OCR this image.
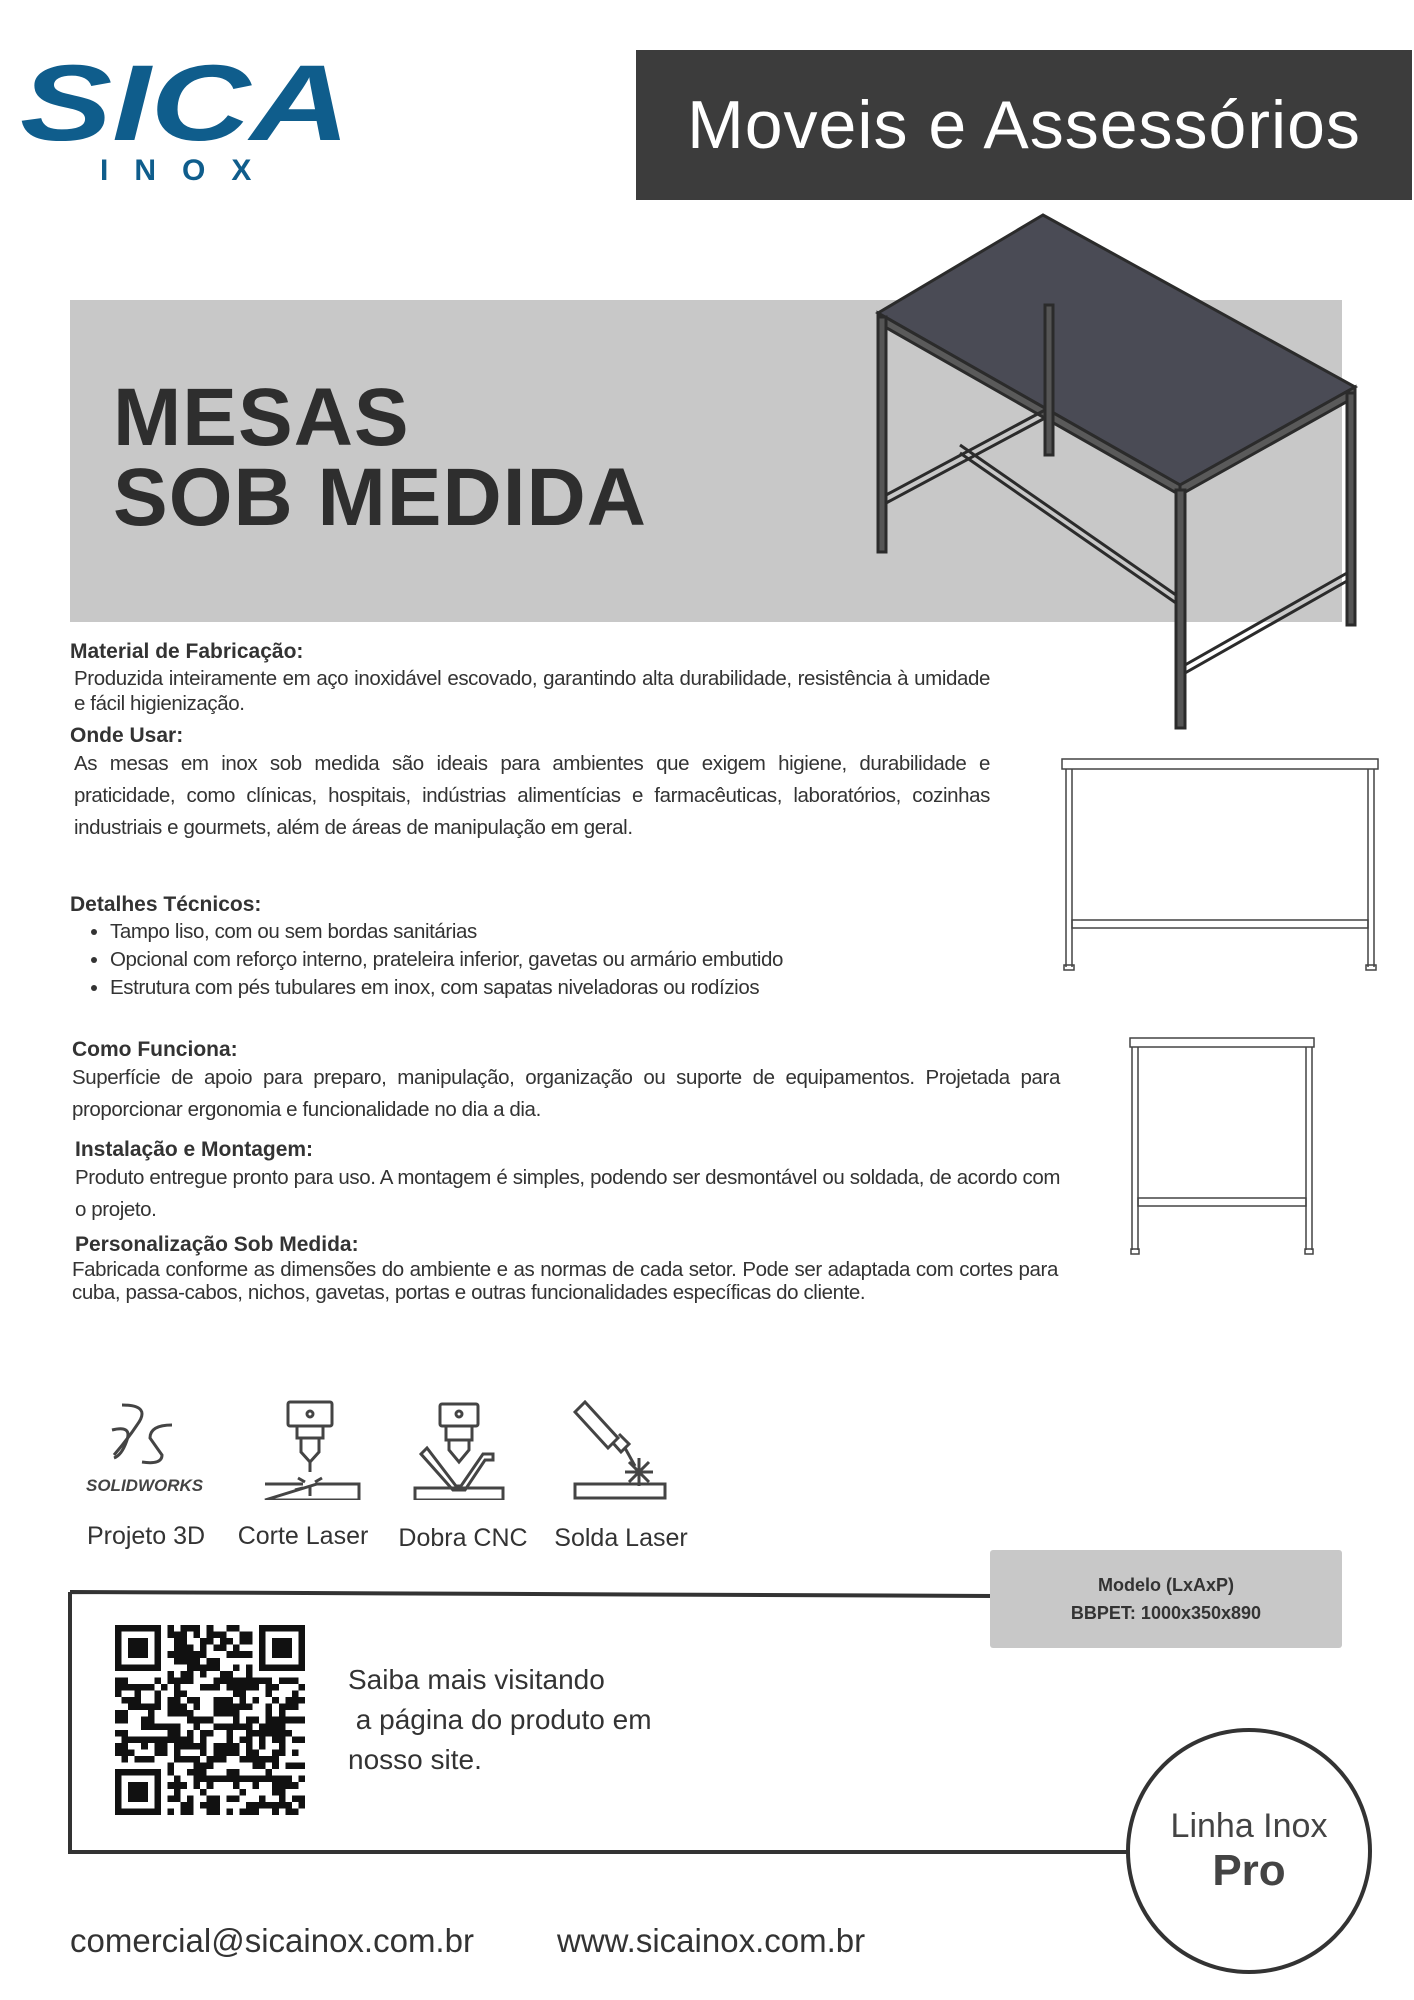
SICA
INOX
Moveis e Assessórios
MESAS
SOB MEDIDA
Material de Fabricação:
Produzida inteiramente em aço inoxidável escovado, garantindo alta durabilidade, resistência à umidade e fácil higienização.
Onde Usar:
As mesas em inox sob medida são ideais para ambientes que exigem higiene, durabilidade e praticidade, como clínicas, hospitais, indústrias alimentícias e farmacêuticas, laboratórios, cozinhas industriais e gourmets, além de áreas de manipulação em geral.
Detalhes Técnicos:
• Tampo liso, com ou sem bordas sanitárias
• Opcional com reforço interno, prateleira inferior, gavetas ou armário embutido
• Estrutura com pés tubulares em inox, com sapatas niveladoras ou rodízios
Como Funciona:
Superfície de apoio para preparo, manipulação, organização ou suporte de equipamentos. Projetada para proporcionar ergonomia e funcionalidade no dia a dia.
Instalação e Montagem:
Produto entregue pronto para uso. A montagem é simples, podendo ser desmontável ou soldada, de acordo com o projeto.
Personalização Sob Medida:
Fabricada conforme as dimensões do ambiente e as normas de cada setor. Pode ser adaptada com cortes para cuba, passa-cabos, nichos, gavetas, portas e outras funcionalidades específicas do cliente.
SOLIDWORKS
Projeto 3D	Corte Laser	Dobra CNC	Solda Laser
Modelo (LxAxP)
BBPET: 1000x350x890
Saiba mais visitando
a página do produto em
nosso site.
Linha Inox
Pro
comercial@sicainox.com.br	www.sicainox.com.br
